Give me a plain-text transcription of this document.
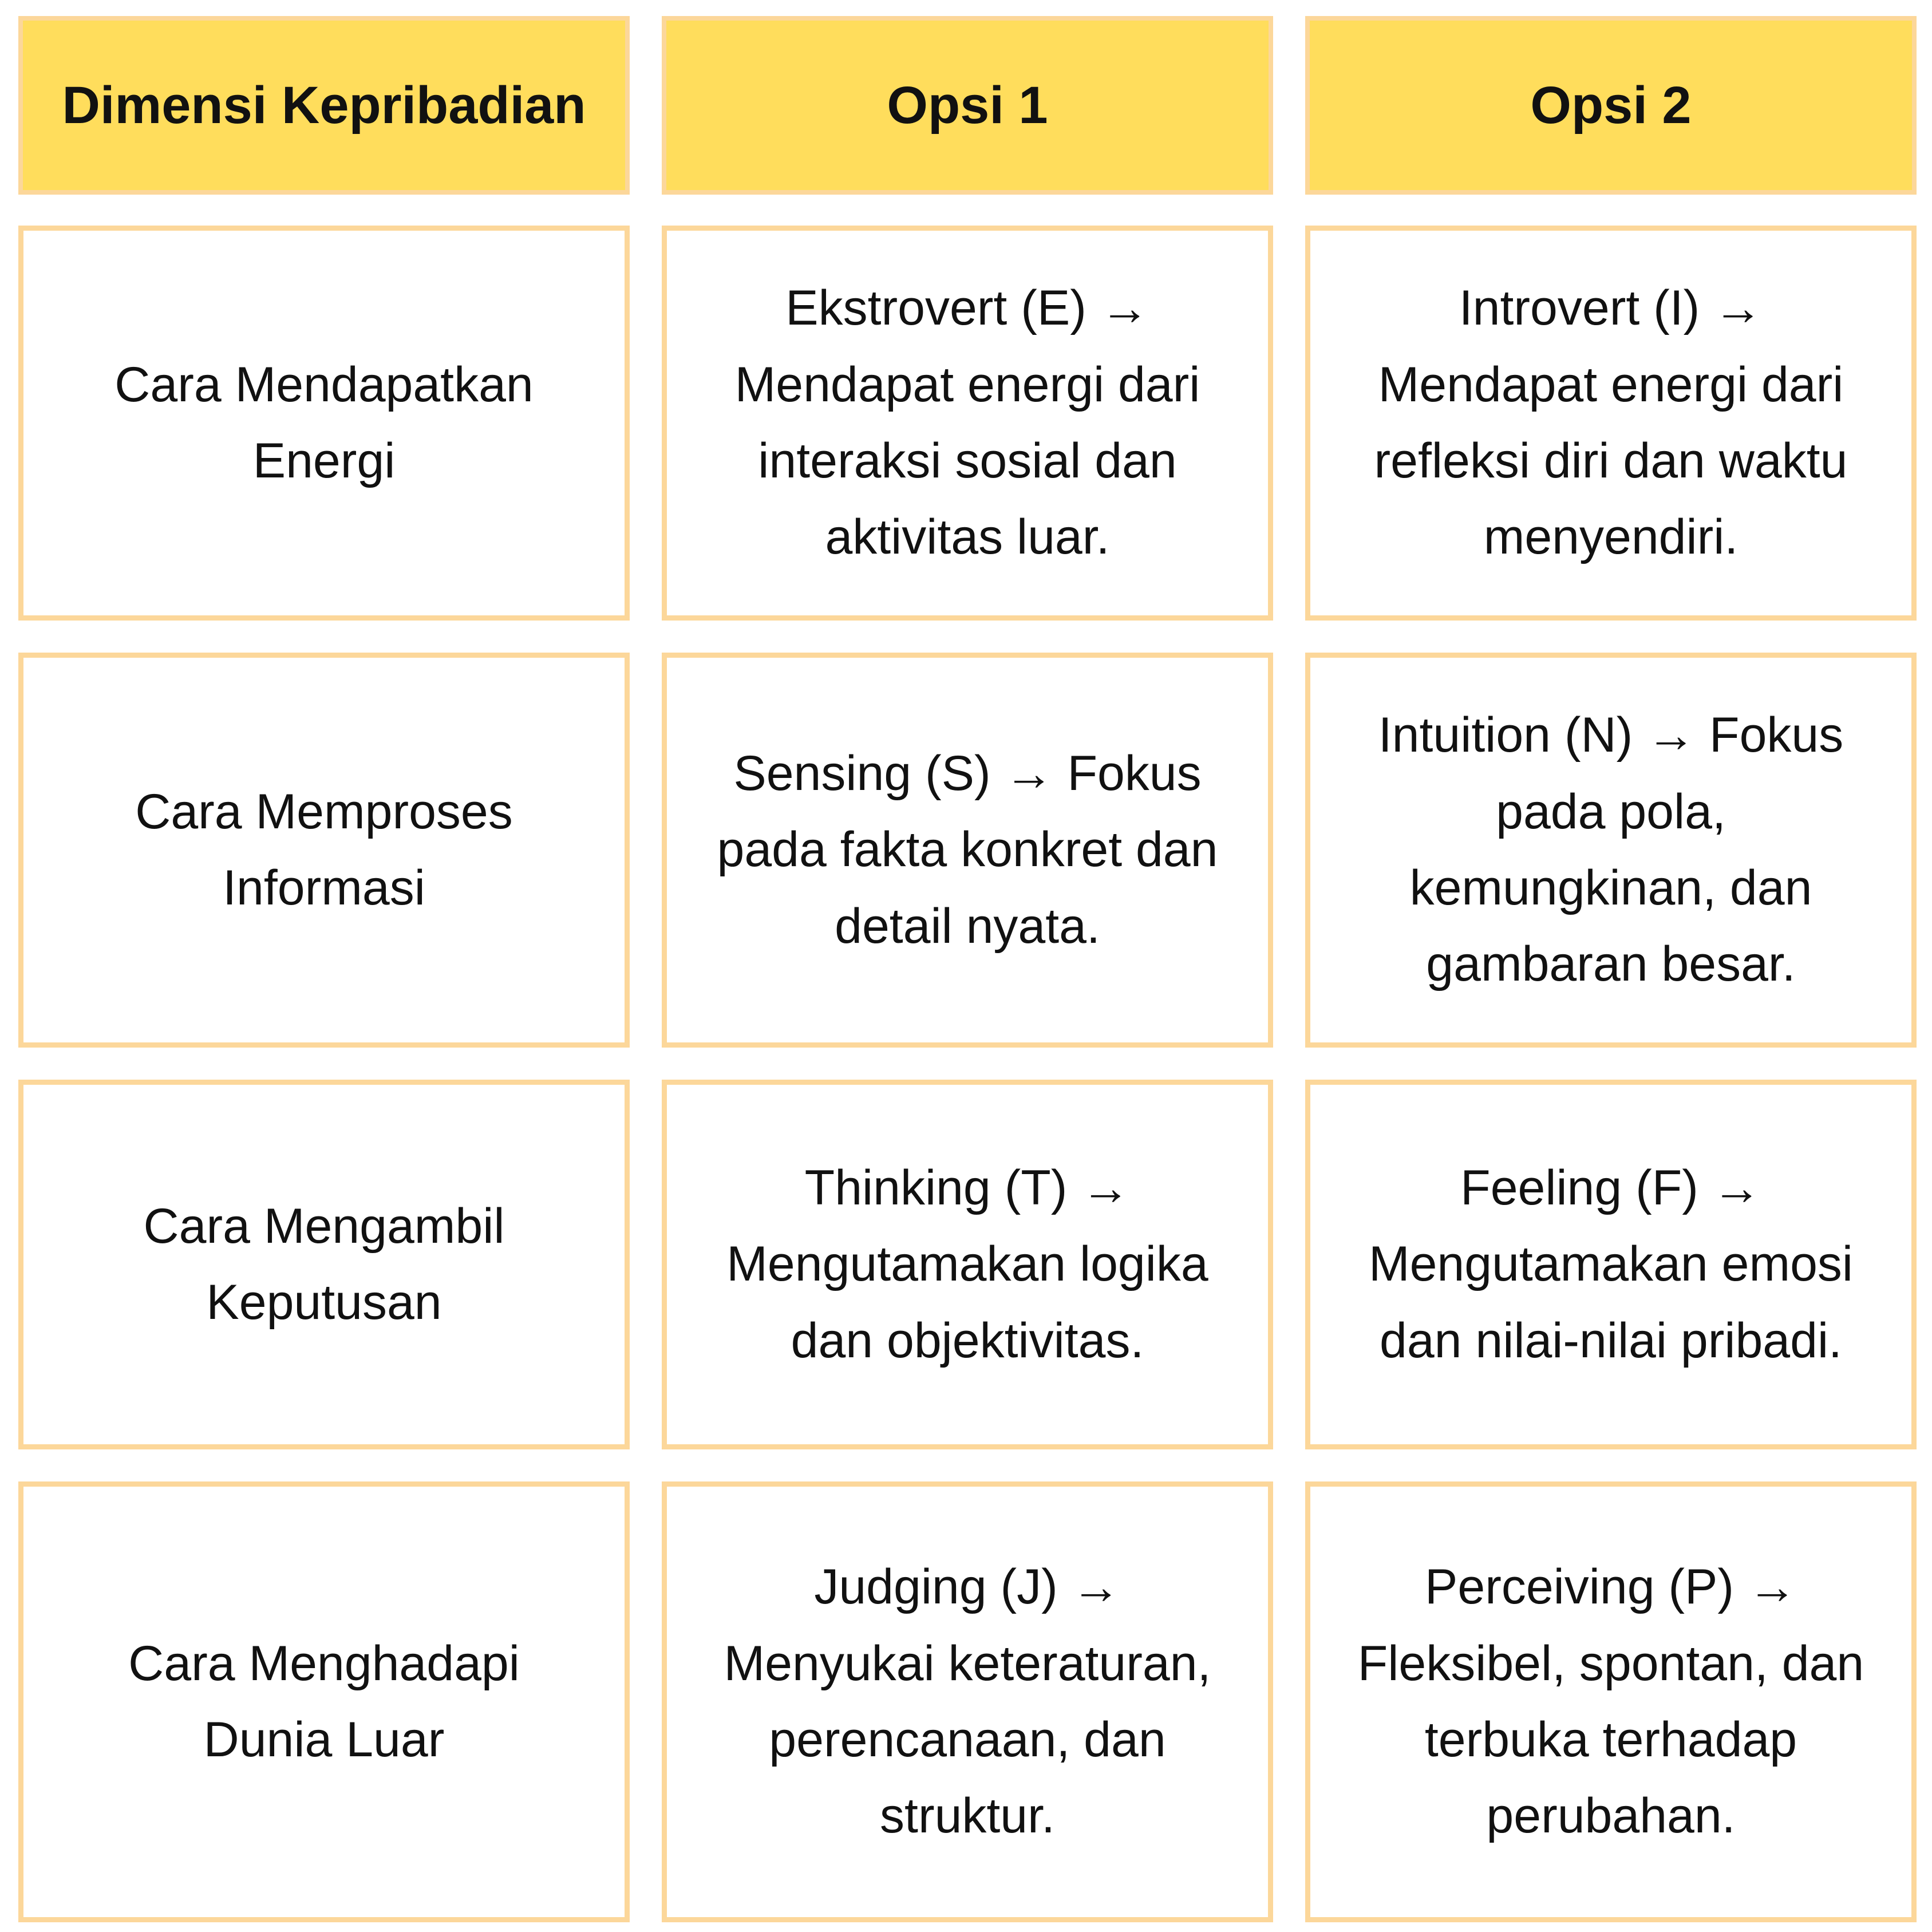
Dimensi Kepribadian	Opsi 1	Opsi 2
Cara Mendapatkan
Energi
Ekstrovert (E) →
Mendapat energi dari
interaksi sosial dan
aktivitas luar.
Introvert (I) →
Mendapat energi dari
refleksi diri dan waktu
menyendiri.
Cara Memproses
Informasi
Sensing (S) → Fokus
pada fakta konkret dan
detail nyata.
Intuition (N) → Fokus
pada pola,
kemungkinan, dan
gambaran besar.
Cara Mengambil
Keputusan
Thinking (T) →
Mengutamakan logika
dan objektivitas.
Feeling (F) →
Mengutamakan emosi
dan nilai-nilai pribadi.
Cara Menghadapi
Dunia Luar
Judging (J) →
Menyukai keteraturan,
perencanaan, dan
struktur.
Perceiving (P) →
Fleksibel, spontan, dan
terbuka terhadap
perubahan.
